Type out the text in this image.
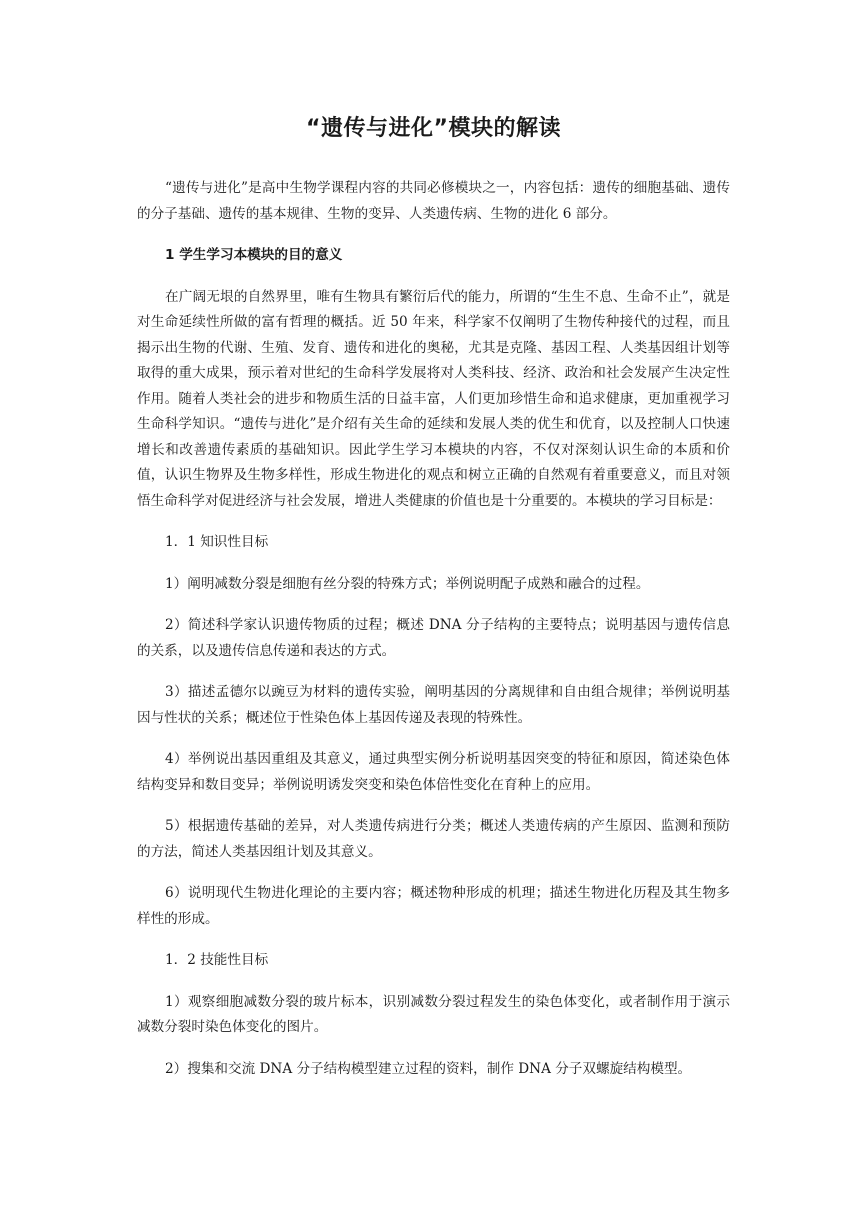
“遗传与进化”模块的解读

“遗传与进化”是高中生物学课程内容的共同必修模块之一，内容包括：遗传的细胞基础、遗传的分子基础、遗传的基本规律、生物的变异、人类遗传病、生物的进化 6 部分。

1 学生学习本模块的目的意义

在广阔无垠的自然界里，唯有生物具有繁衍后代的能力，所谓的“生生不息、生命不止”，就是对生命延续性所做的富有哲理的概括。近 50 年来，科学家不仅阐明了生物传种接代的过程，而且揭示出生物的代谢、生殖、发育、遗传和进化的奥秘，尤其是克隆、基因工程、人类基因组计划等取得的重大成果，预示着对世纪的生命科学发展将对人类科技、经济、政治和社会发展产生决定性作用。随着人类社会的进步和物质生活的日益丰富，人们更加珍惜生命和追求健康，更加重视学习生命科学知识。“遗传与进化”是介绍有关生命的延续和发展人类的优生和优育，以及控制人口快速增长和改善遗传素质的基础知识。因此学生学习本模块的内容，不仅对深刻认识生命的本质和价值，认识生物界及生物多样性，形成生物进化的观点和树立正确的自然观有着重要意义，而且对领悟生命科学对促进经济与社会发展，增进人类健康的价值也是十分重要的。本模块的学习目标是：

1．1 知识性目标

1）阐明减数分裂是细胞有丝分裂的特殊方式；举例说明配子成熟和融合的过程。

2）简述科学家认识遗传物质的过程；概述 DNA 分子结构的主要特点；说明基因与遗传信息的关系，以及遗传信息传递和表达的方式。

3）描述孟德尔以豌豆为材料的遗传实验，阐明基因的分离规律和自由组合规律；举例说明基因与性状的关系；概述位于性染色体上基因传递及表现的特殊性。

4）举例说出基因重组及其意义，通过典型实例分析说明基因突变的特征和原因，简述染色体结构变异和数目变异；举例说明诱发突变和染色体倍性变化在育种上的应用。

5）根据遗传基础的差异，对人类遗传病进行分类；概述人类遗传病的产生原因、监测和预防的方法，简述人类基因组计划及其意义。

6）说明现代生物进化理论的主要内容；概述物种形成的机理；描述生物进化历程及其生物多样性的形成。

1．2 技能性目标

1）观察细胞减数分裂的玻片标本，识别减数分裂过程发生的染色体变化，或者制作用于演示减数分裂时染色体变化的图片。

2）搜集和交流 DNA 分子结构模型建立过程的资料，制作 DNA 分子双螺旋结构模型。
